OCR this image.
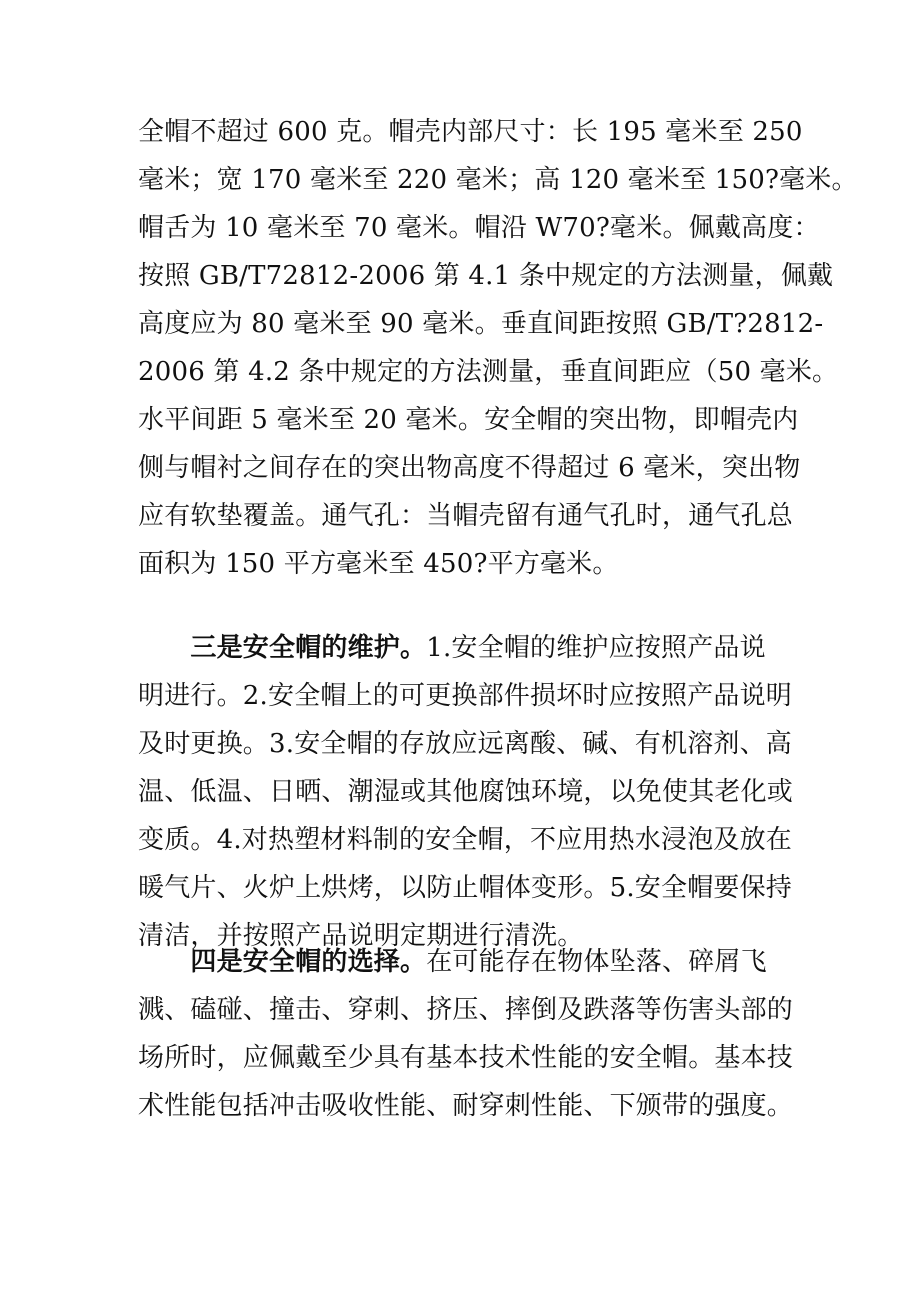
全帽不超过 600 克。帽壳内部尺寸：长 195 毫米至 250
毫米；宽 170 毫米至 220 毫米；高 120 毫米至 150?毫米。
帽舌为 10 毫米至 70 毫米。帽沿 W70?毫米。佩戴高度：
按照 GB/T72812-2006 第 4.1 条中规定的方法测量，佩戴
高度应为 80 毫米至 90 毫米。垂直间距按照 GB/T?2812-
2006 第 4.2 条中规定的方法测量，垂直间距应（50 毫米。
水平间距 5 毫米至 20 毫米。安全帽的突出物，即帽壳内
侧与帽衬之间存在的突出物高度不得超过 6 毫米，突出物
应有软垫覆盖。通气孔：当帽壳留有通气孔时，通气孔总
面积为 150 平方毫米至 450?平方毫米。
  三是安全帽的维护。1.安全帽的维护应按照产品说
明进行。2.安全帽上的可更换部件损坏时应按照产品说明
及时更换。3.安全帽的存放应远离酸、碱、有机溶剂、高
温、低温、日晒、潮湿或其他腐蚀环境，以免使其老化或
变质。4.对热塑材料制的安全帽，不应用热水浸泡及放在
暖气片、火炉上烘烤，以防止帽体变形。5.安全帽要保持
清洁，并按照产品说明定期进行清洗。
  四是安全帽的选择。在可能存在物体坠落、碎屑飞
溅、磕碰、撞击、穿刺、挤压、摔倒及跌落等伤害头部的
场所时，应佩戴至少具有基本技术性能的安全帽。基本技
术性能包括冲击吸收性能、耐穿刺性能、下颁带的强度。
